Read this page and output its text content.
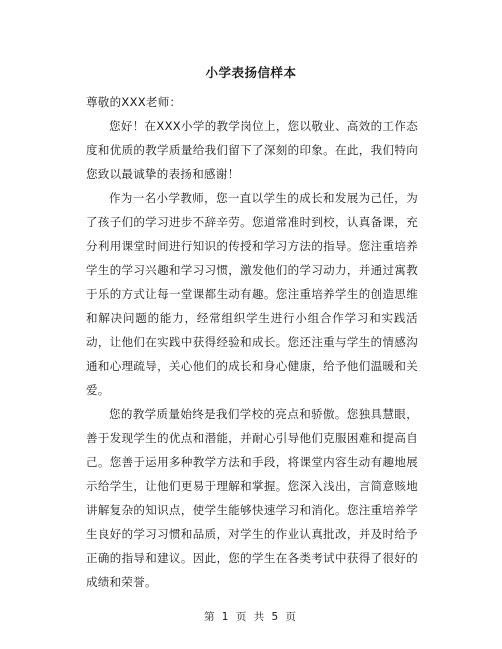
小学表扬信样本
尊敬的XXX老师：

您好！在XXX小学的教学岗位上，您以敬业、高效的工作态度和优质的教学质量给我们留下了深刻的印象。在此，我们特向您致以最诚挚的表扬和感谢！

作为一名小学教师，您一直以学生的成长和发展为己任，为了孩子们的学习进步不辞辛劳。您道常准时到校，认真备课，充分利用课堂时间进行知识的传授和学习方法的指导。您注重培养学生的学习兴趣和学习习惯，激发他们的学习动力，并通过寓教于乐的方式让每一堂课都生动有趣。您注重培养学生的创造思维和解决问题的能力，经常组织学生进行小组合作学习和实践活动，让他们在实践中获得经验和成长。您还注重与学生的情感沟通和心理疏导，关心他们的成长和身心健康，给予他们温暖和关爱。

您的教学质量始终是我们学校的亮点和骄傲。您独具慧眼，善于发现学生的优点和潜能，并耐心引导他们克服困难和提高自己。您善于运用多种教学方法和手段，将课堂内容生动有趣地展示给学生，让他们更易于理解和掌握。您深入浅出，言简意赅地讲解复杂的知识点，使学生能够快速学习和消化。您注重培养学生良好的学习习惯和品质，对学生的作业认真批改，并及时给予正确的指导和建议。因此，您的学生在各类考试中获得了很好的成绩和荣誉。

第 1 页 共 5 页
